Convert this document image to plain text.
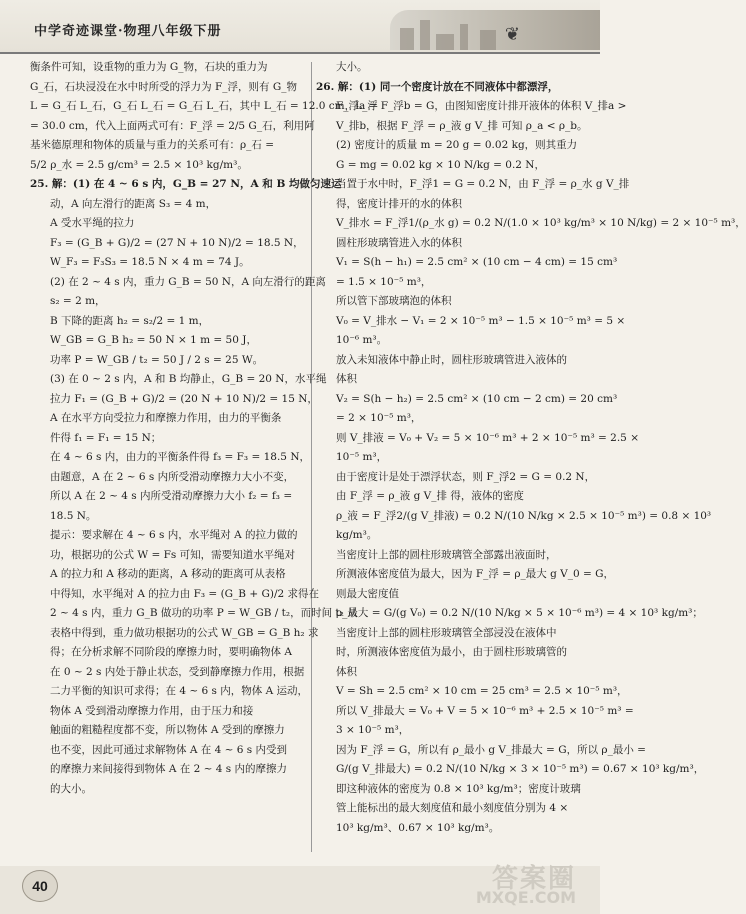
中学奇迹课堂·物理八年级下册	❦
衡条件可知，设重物的重力为 G_物，石块的重力为
G_石，石块浸没在水中时所受的浮力为 F_浮，则有 G_物
L = G_石 L_石，G_石 L_石 = G_石 L_石，其中 L_石 = 12.0 cm，L_浮
= 30.0 cm，代入上面两式可有：F_浮 = 2/5 G_石，利用阿
基米德原理和物体的质量与重力的关系可有：ρ_石 =
5/2 ρ_水 = 2.5 g/cm³ = 2.5 × 10³ kg/m³。
25. 解：(1) 在 4 ~ 6 s 内，G_B = 27 N，A 和 B 均做匀速运
动，A 向左滑行的距离 S₃ = 4 m，
A 受水平绳的拉力
F₃ = (G_B + G)/2 = (27 N + 10 N)/2 = 18.5 N，
W_F₃ = F₃S₃ = 18.5 N × 4 m = 74 J。
(2) 在 2 ~ 4 s 内，重力 G_B = 50 N，A 向左滑行的距离
s₂ = 2 m，
B 下降的距离 h₂ = s₂/2 = 1 m，
W_GB = G_B h₂ = 50 N × 1 m = 50 J，
功率 P = W_GB / t₂ = 50 J / 2 s = 25 W。
(3) 在 0 ~ 2 s 内，A 和 B 均静止，G_B = 20 N，水平绳
拉力 F₁ = (G_B + G)/2 = (20 N + 10 N)/2 = 15 N，
A 在水平方向受拉力和摩擦力作用，由力的平衡条
件得 f₁ = F₁ = 15 N；
在 4 ~ 6 s 内，由力的平衡条件得 f₃ = F₃ = 18.5 N，
由题意，A 在 2 ~ 6 s 内所受滑动摩擦力大小不变，
所以 A 在 2 ~ 4 s 内所受滑动摩擦力大小 f₂ = f₃ =
18.5 N。
提示：要求解在 4 ~ 6 s 内，水平绳对 A 的拉力做的
功，根据功的公式 W = Fs 可知，需要知道水平绳对
A 的拉力和 A 移动的距离，A 移动的距离可从表格
中得知，水平绳对 A 的拉力由 F₃ = (G_B + G)/2 求得在
2 ~ 4 s 内，重力 G_B 做功的功率 P = W_GB / t₂，而时间 t₂ 从
表格中得到，重力做功根据功的公式 W_GB = G_B h₂ 求
得；在分析求解不同阶段的摩擦力时，要明确物体 A
在 0 ~ 2 s 内处于静止状态，受到静摩擦力作用，根据
二力平衡的知识可求得；在 4 ~ 6 s 内，物体 A 运动，
物体 A 受到滑动摩擦力作用，由于压力和接
触面的粗糙程度都不变，所以物体 A 受到的摩擦力
也不变，因此可通过求解物体 A 在 4 ~ 6 s 内受到
的摩擦力来间接得到物体 A 在 2 ~ 4 s 内的摩擦力
的大小。
大小。
26. 解：(1) 同一个密度计放在不同液体中都漂浮，
F_浮a = F_浮b = G，由图知密度计排开液体的体积 V_排a >
V_排b，根据 F_浮 = ρ_液 g V_排 可知 ρ_a < ρ_b。
(2) 密度计的质量 m = 20 g = 0.02 kg，则其重力
G = mg = 0.02 kg × 10 N/kg = 0.2 N，
当置于水中时，F_浮1 = G = 0.2 N，由 F_浮 = ρ_水 g V_排
得，密度计排开的水的体积
V_排水 = F_浮1/(ρ_水 g) = 0.2 N/(1.0 × 10³ kg/m³ × 10 N/kg) = 2 × 10⁻⁵ m³，
圆柱形玻璃管进入水的体积
V₁ = S(h − h₁) = 2.5 cm² × (10 cm − 4 cm) = 15 cm³
= 1.5 × 10⁻⁵ m³，
所以管下部玻璃泡的体积
V₀ = V_排水 − V₁ = 2 × 10⁻⁵ m³ − 1.5 × 10⁻⁵ m³ = 5 ×
10⁻⁶ m³。
放入未知液体中静止时，圆柱形玻璃管进入液体的
体积
V₂ = S(h − h₂) = 2.5 cm² × (10 cm − 2 cm) = 20 cm³
= 2 × 10⁻⁵ m³，
则 V_排液 = V₀ + V₂ = 5 × 10⁻⁶ m³ + 2 × 10⁻⁵ m³ = 2.5 ×
10⁻⁵ m³，
由于密度计是处于漂浮状态，则 F_浮2 = G = 0.2 N，
由 F_浮 = ρ_液 g V_排 得，液体的密度
ρ_液 = F_浮2/(g V_排液) = 0.2 N/(10 N/kg × 2.5 × 10⁻⁵ m³) = 0.8 × 10³
kg/m³。
当密度计上部的圆柱形玻璃管全部露出液面时，
所测液体密度值为最大，因为 F_浮 = ρ_最大 g V_0 = G，
则最大密度值
ρ_最大 = G/(g V₀) = 0.2 N/(10 N/kg × 5 × 10⁻⁶ m³) = 4 × 10³ kg/m³；
当密度计上部的圆柱形玻璃管全部浸没在液体中
时，所测液体密度值为最小，由于圆柱形玻璃管的
体积
V = Sh = 2.5 cm² × 10 cm = 25 cm³ = 2.5 × 10⁻⁵ m³，
所以 V_排最大 = V₀ + V = 5 × 10⁻⁶ m³ + 2.5 × 10⁻⁵ m³ =
3 × 10⁻⁵ m³，
因为 F_浮 = G，所以有 ρ_最小 g V_排最大 = G，所以 ρ_最小 =
G/(g V_排最大) = 0.2 N/(10 N/kg × 3 × 10⁻⁵ m³) = 0.67 × 10³ kg/m³，
即这种液体的密度为 0.8 × 10³ kg/m³；密度计玻璃
管上能标出的最大刻度值和最小刻度值分别为 4 ×
10³ kg/m³、0.67 × 10³ kg/m³。
40	答案圈
MXQE.COM
